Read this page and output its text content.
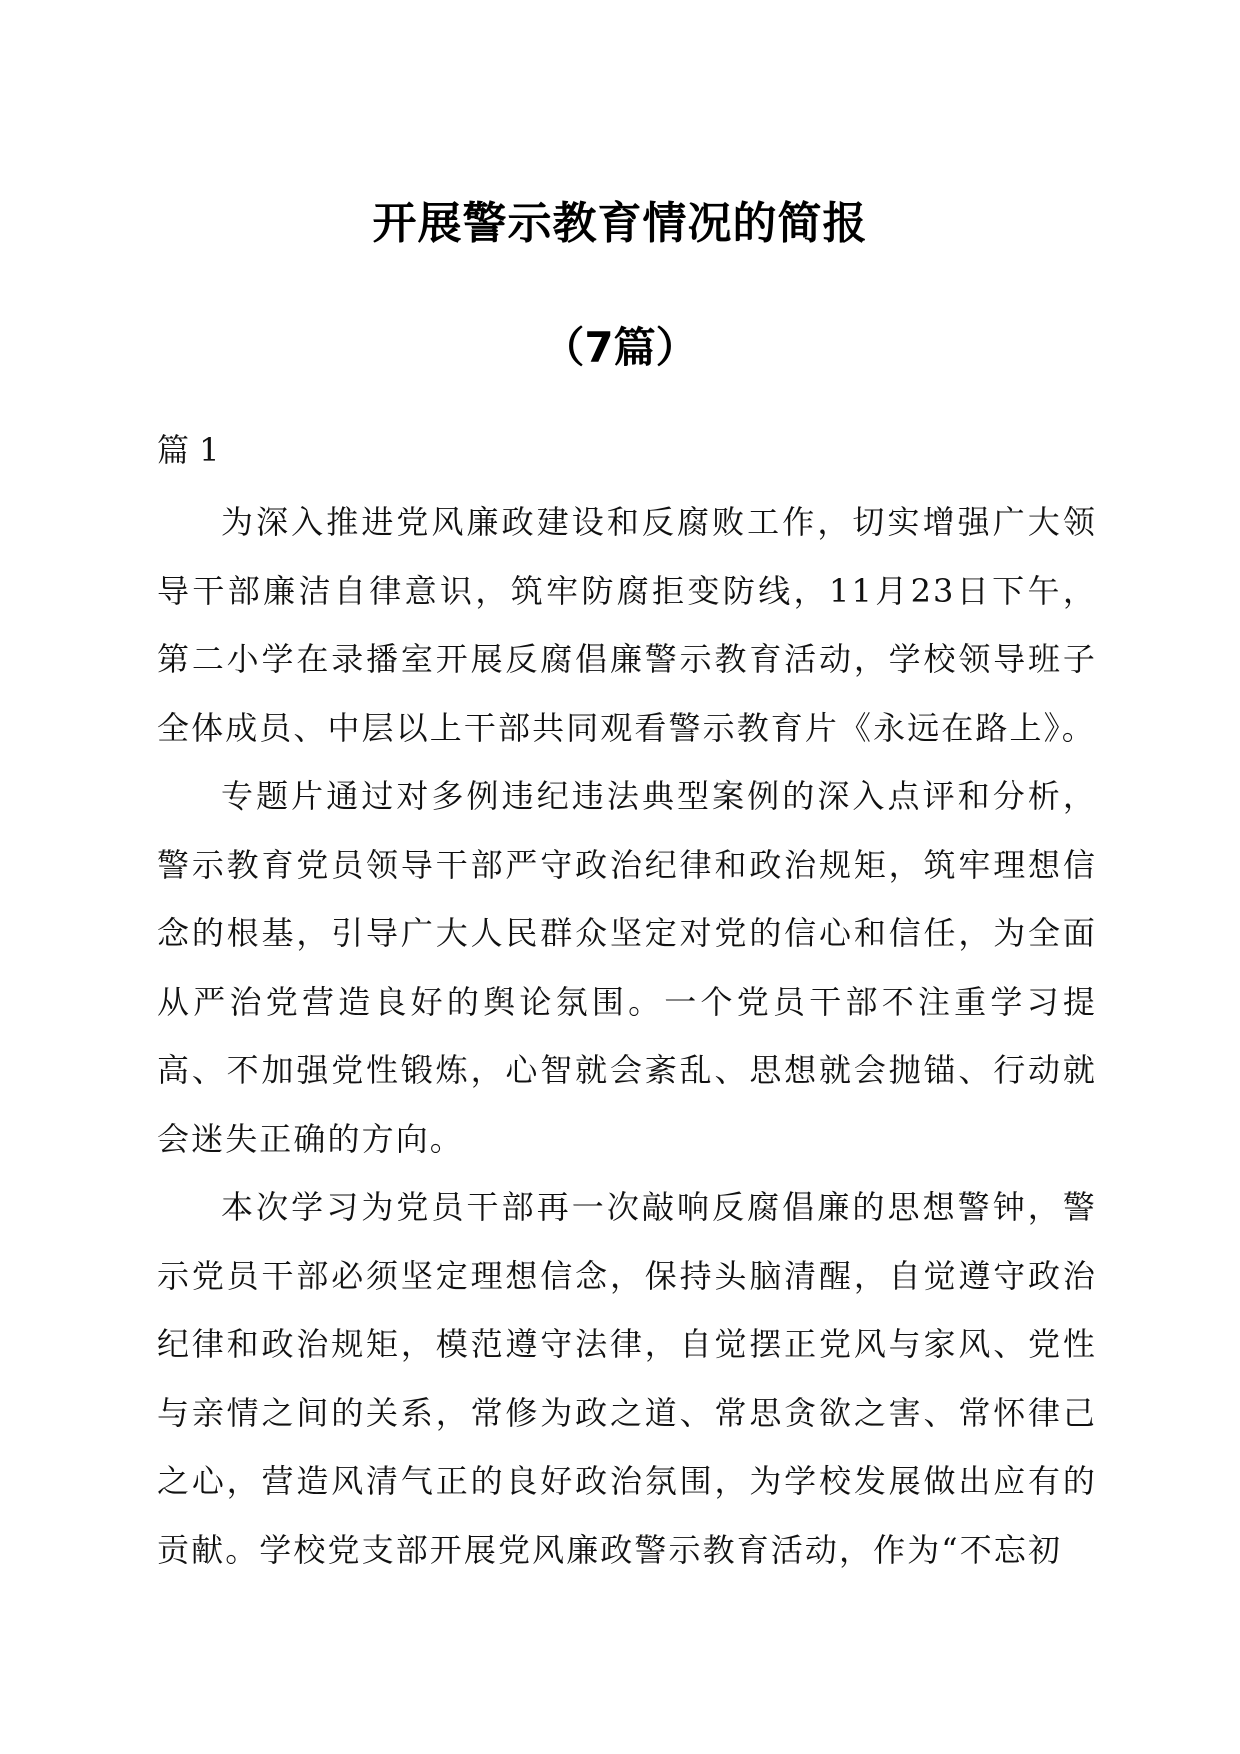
开展警示教育情况的简报
（7篇）
篇 1

为深入推进党风廉政建设和反腐败工作，切实增强广大领导干部廉洁自律意识，筑牢防腐拒变防线，11月23日下午，第二小学在录播室开展反腐倡廉警示教育活动，学校领导班子全体成员、中层以上干部共同观看警示教育片《永远在路上》。

专题片通过对多例违纪违法典型案例的深入点评和分析，警示教育党员领导干部严守政治纪律和政治规矩，筑牢理想信念的根基，引导广大人民群众坚定对党的信心和信任，为全面从严治党营造良好的舆论氛围。一个党员干部不注重学习提高、不加强党性锻炼，心智就会紊乱、思想就会抛锚、行动就会迷失正确的方向。

本次学习为党员干部再一次敲响反腐倡廉的思想警钟，警示党员干部必须坚定理想信念，保持头脑清醒，自觉遵守政治纪律和政治规矩，模范遵守法律，自觉摆正党风与家风、党性与亲情之间的关系，常修为政之道、常思贪欲之害、常怀律己之心，营造风清气正的良好政治氛围，为学校发展做出应有的贡献。学校党支部开展党风廉政警示教育活动，作为“不忘初
